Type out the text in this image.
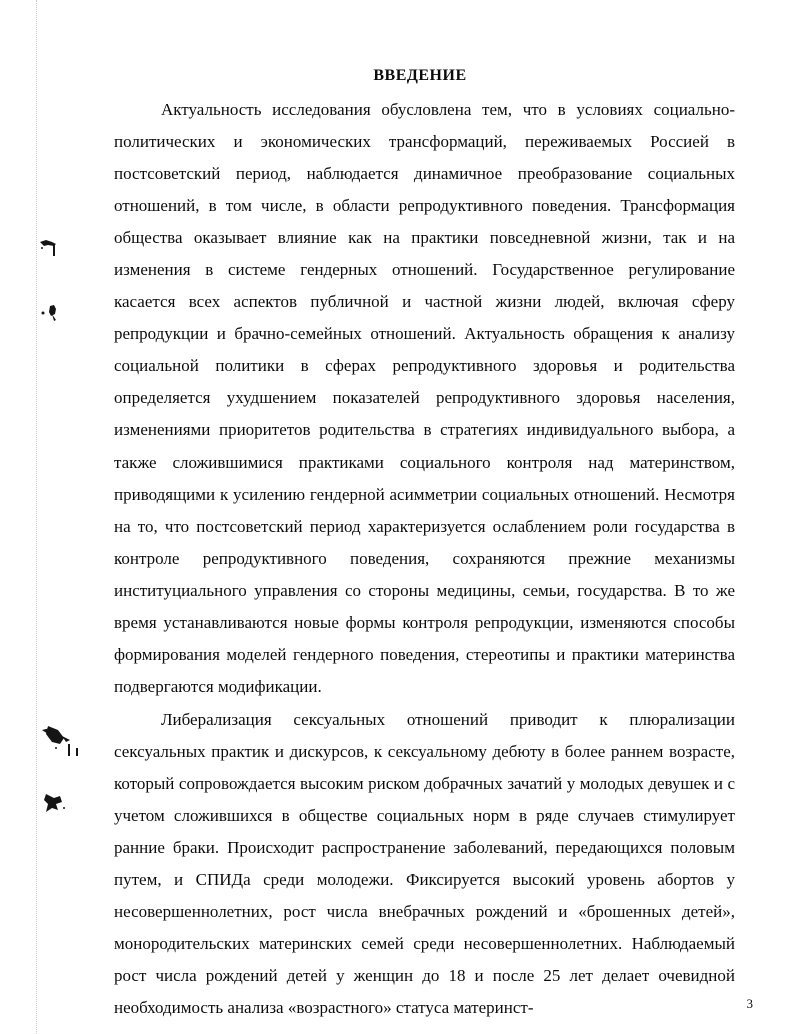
ВВЕДЕНИЕ

Актуальность исследования обусловлена тем, что в условиях социально-политических и экономических трансформаций, переживаемых Россией в постсоветский период, наблюдается динамичное преобразование социальных отношений, в том числе, в области репродуктивного поведения. Трансформация общества оказывает влияние как на практики повседневной жизни, так и на изменения в системе гендерных отношений. Государственное регулирование касается всех аспектов публичной и частной жизни людей, включая сферу репродукции и брачно-семейных отношений. Актуальность обращения к анализу социальной политики в сферах репродуктивного здоровья и родительства определяется ухудшением показателей репродуктивного здоровья населения, изменениями приоритетов родительства в стратегиях индивидуального выбора, а также сложившимися практиками социального контроля над материнством, приводящими к усилению гендерной асимметрии социальных отношений. Несмотря на то, что постсоветский период характеризуется ослаблением роли государства в контроле репродуктивного поведения, сохраняются прежние механизмы институциального управления со стороны медицины, семьи, государства. В то же время устанавливаются новые формы контроля репродукции, изменяются способы формирования моделей гендерного поведения, стереотипы и практики материнства подвергаются модификации.

Либерализация сексуальных отношений приводит к плюрализации сексуальных практик и дискурсов, к сексуальному дебюту в более раннем возрасте, который сопровождается высоким риском добрачных зачатий у молодых девушек и с учетом сложившихся в обществе социальных норм в ряде случаев стимулирует ранние браки. Происходит распространение заболеваний, передающихся половым путем, и СПИДа среди молодежи. Фиксируется высокий уровень абортов у несовершеннолетних, рост числа внебрачных рождений и «брошенных детей», монородительских материнских семей среди несовершеннолетних. Наблюдаемый рост числа рождений детей у женщин до 18 и после 25 лет делает очевидной необходимость анализа «возрастного» статуса материнст-	3
